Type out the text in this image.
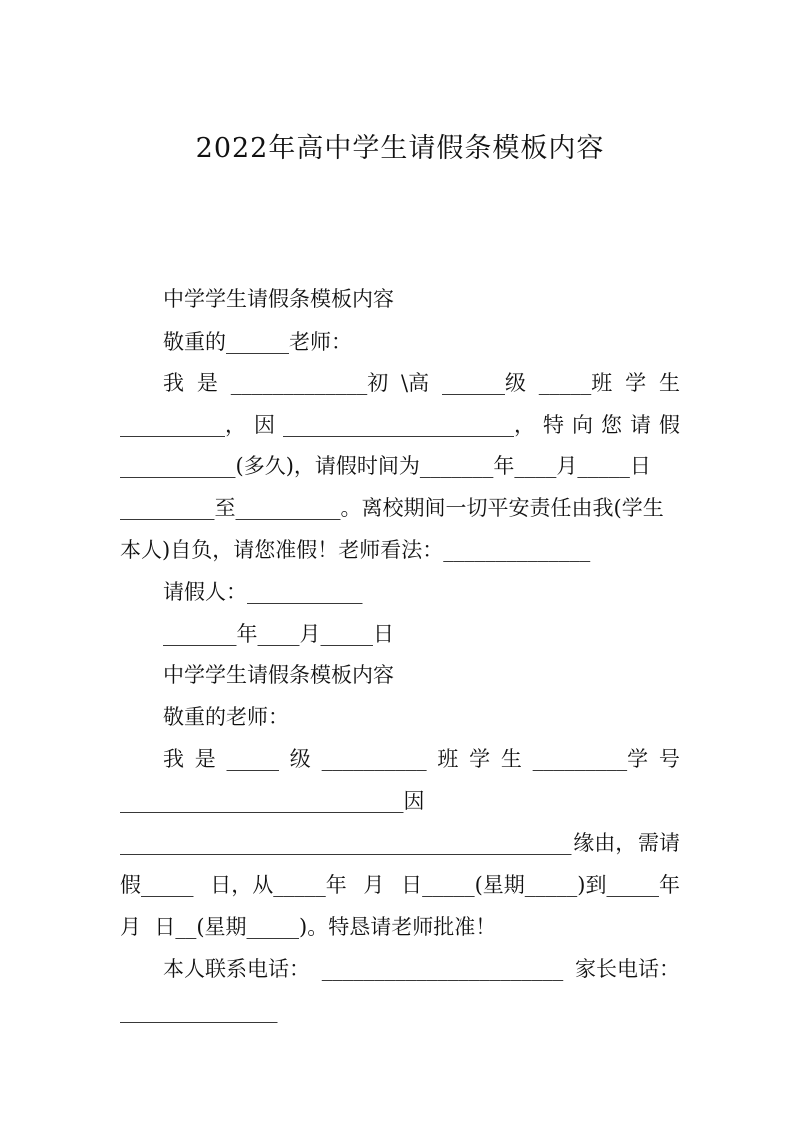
2022年高中学生请假条模板内容
中学学生请假条模板内容
敬重的______老师：
我 是 _____________初 \高 ______级 _____班 学 生
__________， 因 ______________________， 特 向 您 请 假
___________(多久)，请假时间为_______年____月_____日
_________至__________。离校期间一切平安责任由我(学生
本人)自负，请您准假！老师看法：______________
请假人：___________
_______年____月_____日
中学学生请假条模板内容
敬重的老师：
我 是 _____ 级 __________ 班 学 生 _________学 号
___________________________因
___________________________________________ 缘由， 需请
假_____ 日，从_____年 月 日_____(星期_____)到_____年
月  日__(星期_____)。特恳请老师批准！
本人联系电话： _______________________ 家长电话：
_______________
